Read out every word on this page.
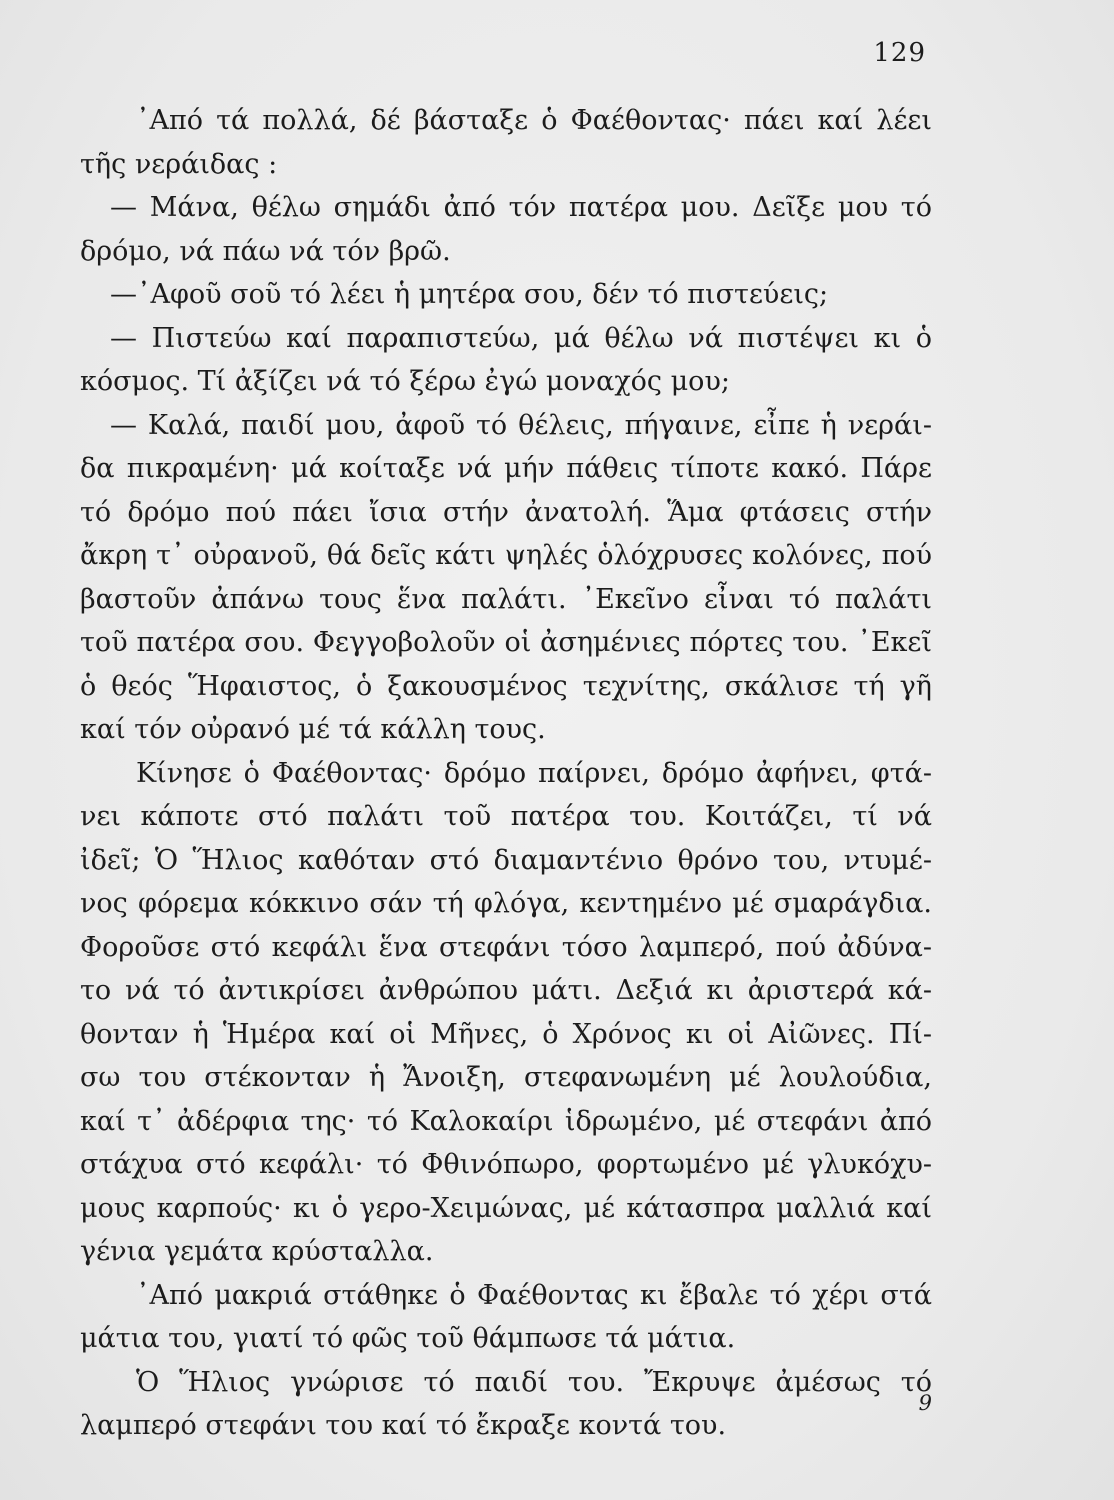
129
᾿Από τά πολλά, δέ βάσταξε ὁ Φαέθοντας· πάει καί λέει
τῆς νεράιδας :
— Μάνα, θέλω σημάδι ἀπό τόν πατέρα μου. Δεῖξε μου τό
δρόμο, νά πάω νά τόν βρῶ.
—᾿Αφοῦ σοῦ τό λέει ἡ μητέρα σου, δέν τό πιστεύεις;
— Πιστεύω καί παραπιστεύω, μά θέλω νά πιστέψει κι ὁ
κόσμος. Τί ἀξίζει νά τό ξέρω ἐγώ μοναχός μου;
— Καλά, παιδί μου, ἀφοῦ τό θέλεις, πήγαινε, εἶπε ἡ νεράι-
δα πικραμένη· μά κοίταξε νά μήν πάθεις τίποτε κακό. Πάρε
τό δρόμο πού πάει ἴσια στήν ἀνατολή. Ἅμα φτάσεις στήν
ἄκρη τ᾿ οὐρανοῦ, θά δεῖς κάτι ψηλές ὁλόχρυσες κολόνες, πού
βαστοῦν ἀπάνω τους ἕνα παλάτι. ᾿Εκεῖνο εἶναι τό παλάτι
τοῦ πατέρα σου. Φεγγοβολοῦν οἱ ἀσημένιες πόρτες του. ᾿Εκεῖ
ὁ θεός Ἥφαιστος, ὁ ξακουσμένος τεχνίτης, σκάλισε τή γῆ
καί τόν οὐρανό μέ τά κάλλη τους.
Κίνησε ὁ Φαέθοντας· δρόμο παίρνει, δρόμο ἀφήνει, φτά-
νει κάποτε στό παλάτι τοῦ πατέρα του. Κοιτάζει, τί νά
ἰδεῖ; Ὁ Ἥλιος καθόταν στό διαμαντένιο θρόνο του, ντυμέ-
νος φόρεμα κόκκινο σάν τή φλόγα, κεντημένο μέ σμαράγδια.
Φοροῦσε στό κεφάλι ἕνα στεφάνι τόσο λαμπερό, πού ἀδύνα-
το νά τό ἀντικρίσει ἀνθρώπου μάτι. Δεξιά κι ἀριστερά κά-
θονταν ἡ Ἡμέρα καί οἱ Μῆνες, ὁ Χρόνος κι οἱ Αἰῶνες. Πί-
σω του στέκονταν ἡ Ἄνοιξη, στεφανωμένη μέ λουλούδια,
καί τ᾿ ἀδέρφια της· τό Καλοκαίρι ἱδρωμένο, μέ στεφάνι ἀπό
στάχυα στό κεφάλι· τό Φθινόπωρο, φορτωμένο μέ γλυκόχυ-
μους καρπούς· κι ὁ γερο-Χειμώνας, μέ κάτασπρα μαλλιά καί
γένια γεμάτα κρύσταλλα.
᾿Από μακριά στάθηκε ὁ Φαέθοντας κι ἔβαλε τό χέρι στά
μάτια του, γιατί τό φῶς τοῦ θάμπωσε τά μάτια.
Ὁ Ἥλιος γνώρισε τό παιδί του. Ἔκρυψε ἀμέσως τό
λαμπερό στεφάνι του καί τό ἔκραξε κοντά του.
9
